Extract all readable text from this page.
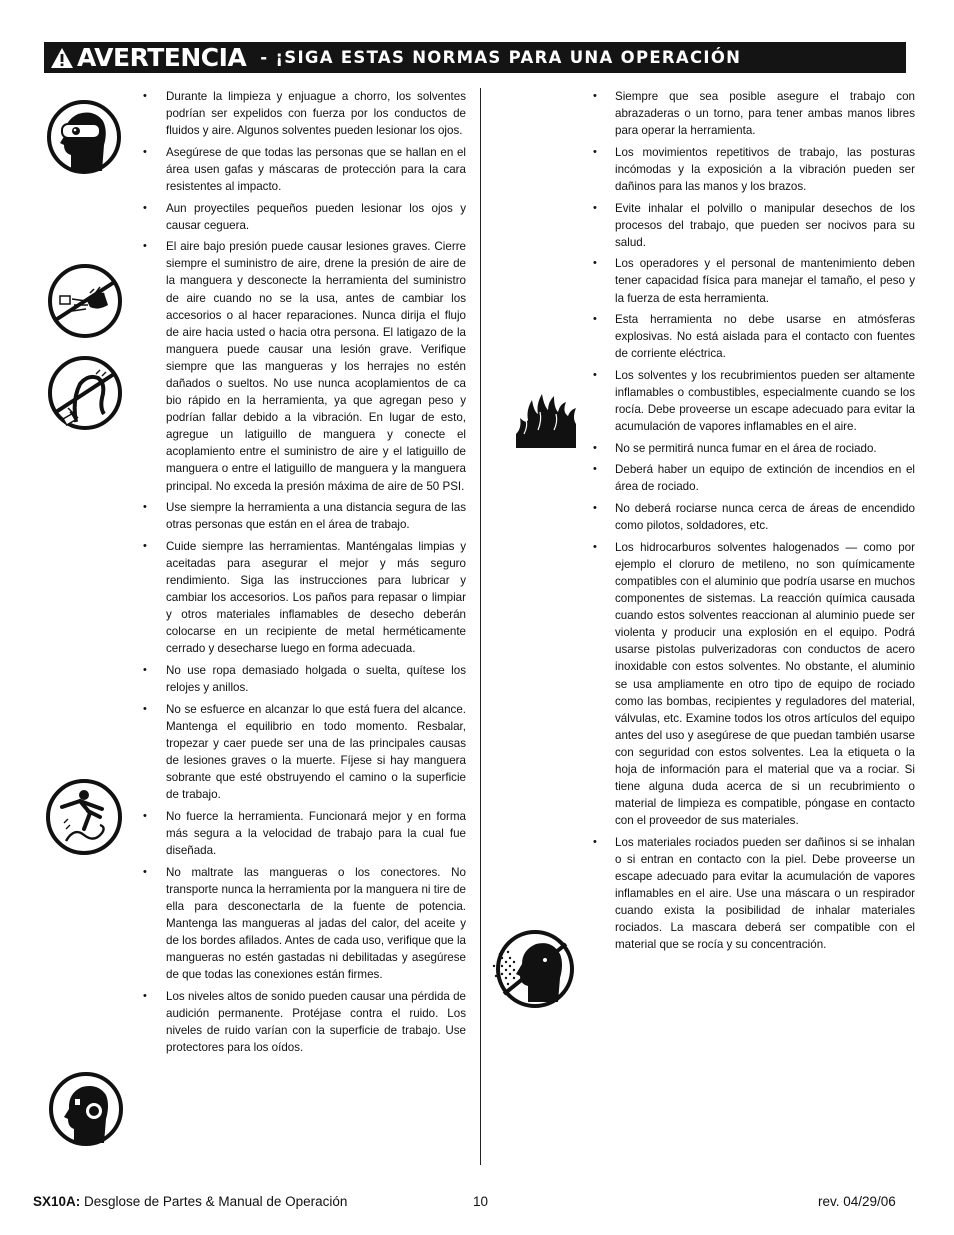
AVERTENCIA - ¡SIGA ESTAS NORMAS PARA UNA OPERACIÓN
• Durante la limpieza y enjuague a chorro, los solventes podrían ser expelidos con fuerza por los conductos de fluidos y aire. Algunos solventes pueden lesionar los ojos.
• Asegúrese de que todas las personas que se hallan en el área usen gafas y máscaras de protección para la cara resistentes al impacto.
• Aun proyectiles pequeños pueden lesionar los ojos y causar ceguera.
• El aire bajo presión puede causar lesiones graves. Cierre siempre el suministro de aire, drene la presión de aire de la manguera y desconecte la herramienta del suministro de aire cuando no se la usa, antes de cambiar los accesorios o al hacer reparaciones. Nunca dirija el flujo de aire hacia usted o hacia otra persona. El latigazo de la manguera puede causar una lesión grave. Verifique siempre que las mangueras y los herrajes no estén dañados o sueltos. No use nunca acoplamientos de ca bio rápido en la herramienta, ya que agregan peso y podrían fallar debido a la vibración. En lugar de esto, agregue un latiguillo de manguera y conecte el acoplamiento entre el suministro de aire y el latiguillo de manguera o entre el latiguillo de manguera y la manguera principal. No exceda la presión máxima de aire de 50 PSI.
• Use siempre la herramienta a una distancia segura de las otras personas que están en el área de trabajo.
• Cuide siempre las herramientas. Manténgalas limpias y aceitadas para asegurar el mejor y más seguro rendimiento. Siga las instrucciones para lubricar y cambiar los accesorios. Los paños para repasar o limpiar y otros materiales inflamables de desecho deberán colocarse en un recipiente de metal herméticamente cerrado y desecharse luego en forma adecuada.
• No use ropa demasiado holgada o suelta, quítese los relojes y anillos.
• No se esfuerce en alcanzar lo que está fuera del alcance. Mantenga el equilibrio en todo momento. Resbalar, tropezar y caer puede ser una de las principales causas de lesiones graves o la muerte. Fíjese si hay manguera sobrante que esté obstruyendo el camino o la superficie de trabajo.
• No fuerce la herramienta. Funcionará mejor y en forma más segura a la velocidad de trabajo para la cual fue diseñada.
• No maltrate las mangueras o los conectores. No transporte nunca la herramienta por la manguera ni tire de ella para desconectarla de la fuente de potencia. Mantenga las mangueras al jadas del calor, del aceite y de los bordes afilados. Antes de cada uso, verifique que la mangueras no estén gastadas ni debilitadas y asegúrese de que todas las conexiones están firmes.
• Los niveles altos de sonido pueden causar una pérdida de audición permanente. Protéjase contra el ruido. Los niveles de ruido varían con la superficie de trabajo. Use protectores para los oídos.
• Siempre que sea posible asegure el trabajo con abrazaderas o un torno, para tener ambas manos libres para operar la herramienta.
• Los movimientos repetitivos de trabajo, las posturas incómodas y la exposición a la vibración pueden ser dañinos para las manos y los brazos.
• Evite inhalar el polvillo o manipular desechos de los procesos del trabajo, que pueden ser nocivos para su salud.
• Los operadores y el personal de mantenimiento deben tener capacidad física para manejar el tamaño, el peso y la fuerza de esta herramienta.
• Esta herramienta no debe usarse en atmósferas explosivas. No está aislada para el contacto con fuentes de corriente eléctrica.
• Los solventes y los recubrimientos pueden ser altamente inflamables o combustibles, especialmente cuando se los rocía. Debe proveerse un escape adecuado para evitar la acumulación de vapores inflamables en el aire.
• No se permitirá nunca fumar en el área de rociado.
• Deberá haber un equipo de extinción de incendios en el área de rociado.
• No deberá rociarse nunca cerca de áreas de encendido como pilotos, soldadores, etc.
• Los hidrocarburos solventes halogenados — como por ejemplo el cloruro de metileno, no son químicamente compatibles con el aluminio que podría usarse en muchos componentes de sistemas. La reacción química causada cuando estos solventes reaccionan al aluminio puede ser violenta y producir una explosión en el equipo. Podrá usarse pistolas pulverizadoras con conductos de acero inoxidable con estos solventes. No obstante, el aluminio se usa ampliamente en otro tipo de equipo de rociado como las bombas, recipientes y reguladores del material, válvulas, etc. Examine todos los otros artículos del equipo antes del uso y asegúrese de que puedan también usarse con seguridad con estos solventes. Lea la etiqueta o la hoja de información para el material que va a rociar. Si tiene alguna duda acerca de si un recubrimiento o material de limpieza es compatible, póngase en contacto con el proveedor de sus materiales.
• Los materiales rociados pueden ser dañinos si se inhalan o si entran en contacto con la piel. Debe proveerse un escape adecuado para evitar la acumulación de vapores inflamables en el aire. Use una máscara o un respirador cuando exista la posibilidad de inhalar materiales rociados. La mascara deberá ser compatible con el material que se rocía y su concentración.
SX10A: Desglose de Partes & Manual de Operación	10	rev. 04/29/06
